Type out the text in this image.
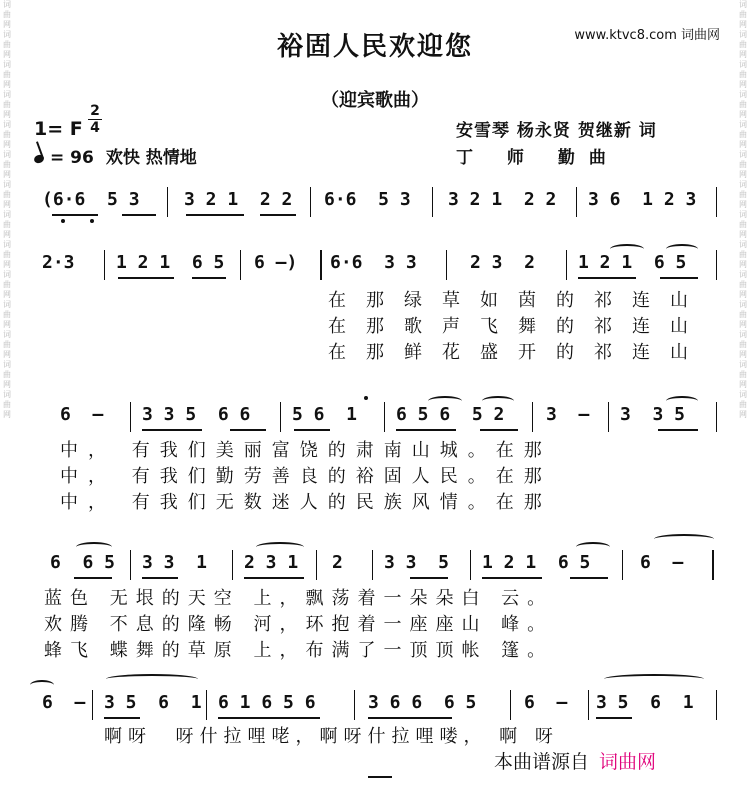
词曲网词曲网词曲网词曲网词曲网词曲网词曲网词曲网词曲网词曲网词曲网词曲网词曲网词曲网
词曲网词曲网词曲网词曲网词曲网词曲网词曲网词曲网词曲网词曲网词曲网词曲网词曲网词曲网
www.ktvc8.com 词曲网
裕固人民欢迎您
（迎宾歌曲）
1= F
2
4
= 96 欢快 热情地
安雪琴 杨永贤 贺继新 词
丁 师 勤曲
(6·6  5 3 3 2 1  2 2 6·6  5 3 3 2 1  2 2 3 6  1 2 3
2·3 1 2 1  6 5 6 —) 6·6  3 3	2 3  2 1 2 1  6 5
在那绿草如茵的祁连山
在那歌声飞舞的祁连山
在那鲜花盛开的祁连山
6  — 3 3 5  6 6 5 6  1 6 5 6  5 2 3  — 3  3 5
中， 有我们美丽富饶的肃南山城。在那
中， 有我们勤劳善良的裕固人民。在那
中， 有我们无数迷人的民族风情。在那
6  6 5 3 3  1 2 3 1 2 3 3  5 1 2 1  6 5	6  —
蓝色 无垠的天空 上，飘荡着一朵朵白 云。
欢腾 不息的隆畅 河，环抱着一座座山 峰。
蜂飞 蝶舞的草原 上，布满了一顶顶帐 篷。
6  — 3 5  6  1 6 1 6 5 6	3 6 6  6 5	6  — 3 5  6  1
啊呀  呀什拉哩咾，啊呀什拉哩喽， 啊 呀
本曲谱源自 词曲网
